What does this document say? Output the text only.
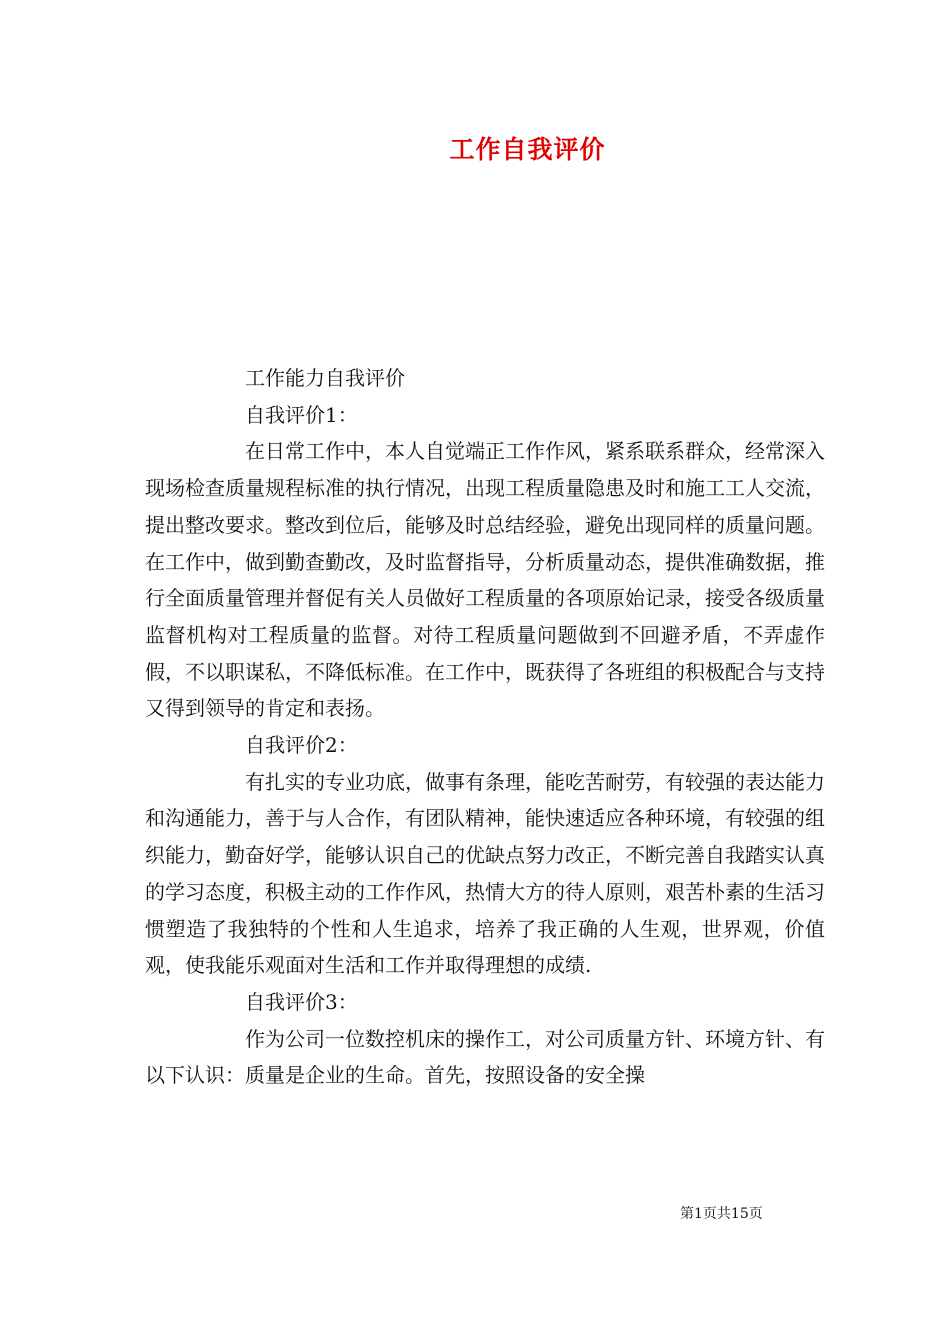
工作自我评价

工作能力自我评价

自我评价1：

在日常工作中，本人自觉端正工作作风，紧系联系群众，经常深入现场检查质量规程标准的执行情况，出现工程质量隐患及时和施工工人交流，提出整改要求。整改到位后，能够及时总结经验，避免出现同样的质量问题。在工作中，做到勤查勤改，及时监督指导，分析质量动态，提供准确数据，推行全面质量管理并督促有关人员做好工程质量的各项原始记录，接受各级质量监督机构对工程质量的监督。对待工程质量问题做到不回避矛盾，不弄虚作假，不以职谋私，不降低标准。在工作中，既获得了各班组的积极配合与支持又得到领导的肯定和表扬。

自我评价2：

有扎实的专业功底，做事有条理，能吃苦耐劳，有较强的表达能力和沟通能力，善于与人合作，有团队精神，能快速适应各种环境，有较强的组织能力，勤奋好学，能够认识自己的优缺点努力改正，不断完善自我踏实认真的学习态度，积极主动的工作作风，热情大方的待人原则，艰苦朴素的生活习惯塑造了我独特的个性和人生追求，培养了我正确的人生观，世界观，价值观，使我能乐观面对生活和工作并取得理想的成绩.

自我评价3：

作为公司一位数控机床的操作工，对公司质量方针、环境方针、有以下认识：质量是企业的生命。首先，按照设备的安全操

第1页共15页
